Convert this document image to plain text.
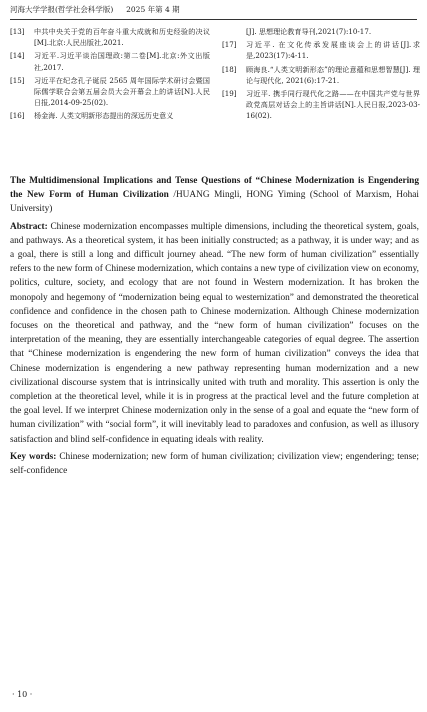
河海大学学报(哲学社会科学版) 2025 年第 4 期
[13]	中共中央关于党的百年奋斗重大成就和历史经验的决议[M].北京:人民出版社,2021.
[14]	习近平.习近平谈治国理政:第二卷[M].北京:外文出版社,2017.
[15]	习近平在纪念孔子诞辰 2565 周年国际学术研讨会暨国际儒学联合会第五届会员大会开幕会上的讲话[N].人民日报,2014-09-25(02).
[16]	杨金海. 人类文明新形态提出的深远历史意义
[J]. 思想理论教育导刊,2021(7):10-17.
[17]	习近平. 在文化传承发展座谈会上的讲话[J].求是,2023(17):4-11.
[18]	顾海良.“人类文明新形态”的理论意蕴和思想智慧[J]. 理论与现代化, 2021(6):17-21.
[19]	习近平. 携手同行现代化之路——在中国共产党与世界政党高层对话会上的主旨讲话[N].人民日报,2023-03-16(02).

The Multidimensional Implications and Tense Questions of “Chinese Modernization is Engendering the New Form of Human Civilization /HUANG Mingli, HONG Yiming (School of Marxism, Hohai University)

Abstract: Chinese modernization encompasses multiple dimensions, including the theoretical system, goals, and pathways. As a theoretical system, it has been initially constructed; as a pathway, it is under way; and as a goal, there is still a long and difficult journey ahead. “The new form of human civilization” essentially refers to the new form of Chinese modernization, which contains a new type of civilization view on economy, politics, culture, society, and ecology that are not found in Western modernization. It has broken the monopoly and hegemony of “modernization being equal to westernization” and demonstrated the theoretical confidence and confidence in the chosen path to Chinese modernization. Although Chinese modernization focuses on the theoretical and pathway, and the “new form of human civilization” focuses on the interpretation of the meaning, they are essentially interchangeable categories of equal degree. The assertion that “Chinese modernization is engendering the new form of human civilization” conveys the idea that Chinese modernization is engendering a new pathway representing human modernization and a new civilizational discourse system that is intrinsically united with truth and morality. This assertion is only the completion at the theoretical level, while it is in progress at the practical level and the future completion at the goal level. If we interpret Chinese modernization only in the sense of a goal and equate the “new form of human civilization” with “social form”, it will inevitably lead to paradoxes and confusion, as well as illusory satisfaction and blind self-confidence in equating ideals with reality.

Key words: Chinese modernization; new form of human civilization; civilization view; engendering; tense; self-confidence

· 10 ·
